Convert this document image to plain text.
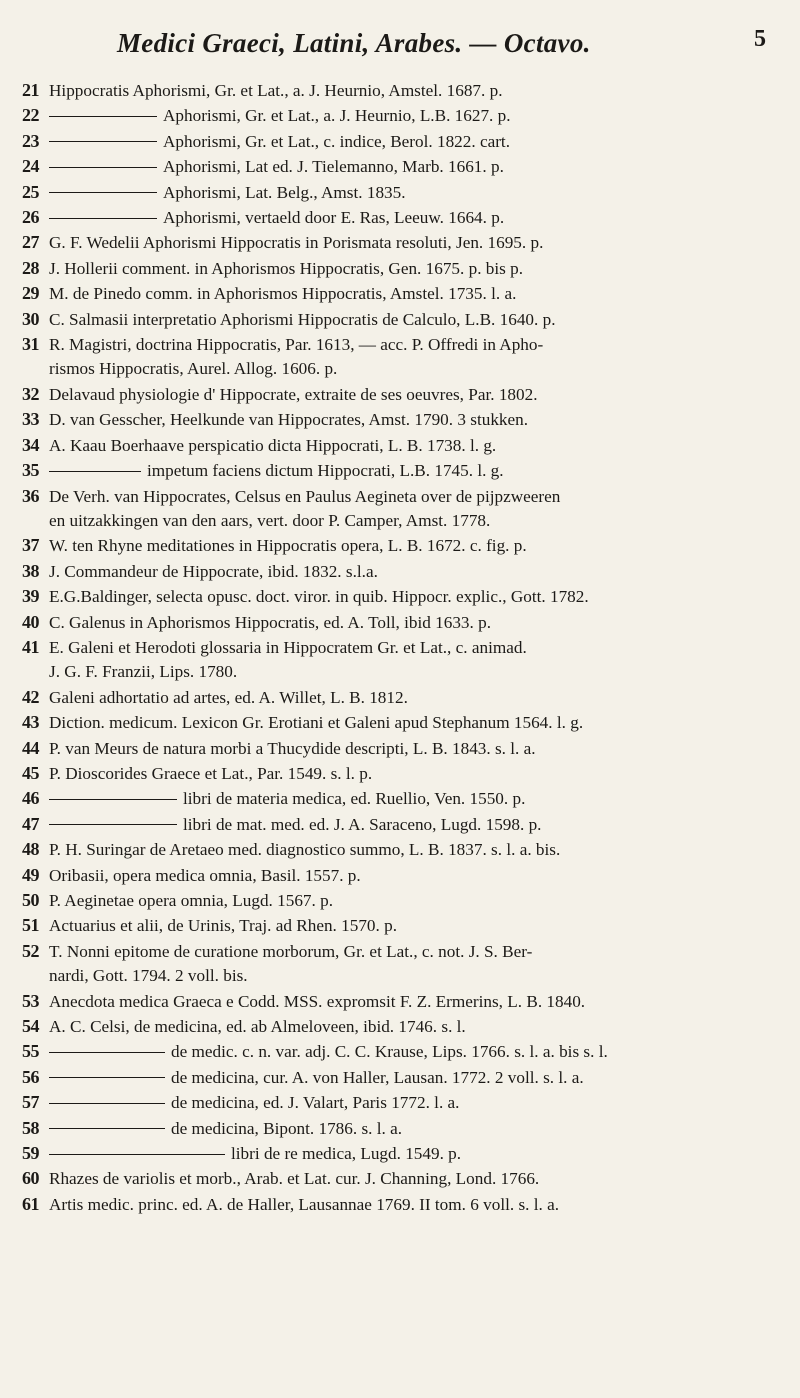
Medici Graeci, Latini, Arabes. — Octavo.	5
21 Hippocratis Aphorismi, Gr. et Lat., a. J. Heurnio, Amstel. 1687. p.
22	Aphorismi, Gr. et Lat., a. J. Heurnio, L.B. 1627. p.
23	Aphorismi, Gr. et Lat., c. indice, Berol. 1822. cart.
24	Aphorismi, Lat ed. J. Tielemanno, Marb. 1661. p.
25	Aphorismi, Lat. Belg., Amst. 1835.
26	Aphorismi, vertaeld door E. Ras, Leeuw. 1664. p.
27 G. F. Wedelii Aphorismi Hippocratis in Porismata resoluti, Jen. 1695. p.
28 J. Hollerii comment. in Aphorismos Hippocratis, Gen. 1675. p. bis p.
29 M. de Pinedo comm. in Aphorismos Hippocratis, Amstel. 1735. l. a.
30 C. Salmasii interpretatio Aphorismi Hippocratis de Calculo, L.B. 1640. p.
31 R. Magistri, doctrina Hippocratis, Par. 1613, — acc. P. Offredi in Apho-
rismos Hippocratis, Aurel. Allog. 1606. p.
32 Delavaud physiologie d' Hippocrate, extraite de ses oeuvres, Par. 1802.
33 D. van Gesscher, Heelkunde van Hippocrates, Amst. 1790. 3 stukken.
34 A. Kaau Boerhaave perspicatio dicta Hippocrati, L. B. 1738. l. g.
35	impetum faciens dictum Hippocrati, L.B. 1745. l. g.
36 De Verh. van Hippocrates, Celsus en Paulus Aegineta over de pijpzweeren
en uitzakkingen van den aars, vert. door P. Camper, Amst. 1778.
37 W. ten Rhyne meditationes in Hippocratis opera, L. B. 1672. c. fig. p.
38 J. Commandeur de Hippocrate, ibid. 1832. s.l.a.
39 E.G.Baldinger, selecta opusc. doct. viror. in quib. Hippocr. explic., Gott. 1782.
40 C. Galenus in Aphorismos Hippocratis, ed. A. Toll, ibid 1633. p.
41 E. Galeni et Herodoti glossaria in Hippocratem Gr. et Lat., c. animad.
J. G. F. Franzii, Lips. 1780.
42 Galeni adhortatio ad artes, ed. A. Willet, L. B. 1812.
43 Diction. medicum. Lexicon Gr. Erotiani et Galeni apud Stephanum 1564. l. g.
44 P. van Meurs de natura morbi a Thucydide descripti, L. B. 1843. s. l. a.
45 P. Dioscorides Graece et Lat., Par. 1549. s. l. p.
46	libri de materia medica, ed. Ruellio, Ven. 1550. p.
47	libri de mat. med. ed. J. A. Saraceno, Lugd. 1598. p.
48 P. H. Suringar de Aretaeo med. diagnostico summo, L. B. 1837. s. l. a. bis.
49 Oribasii, opera medica omnia, Basil. 1557. p.
50 P. Aeginetae opera omnia, Lugd. 1567. p.
51 Actuarius et alii, de Urinis, Traj. ad Rhen. 1570. p.
52 T. Nonni epitome de curatione morborum, Gr. et Lat., c. not. J. S. Ber-
nardi, Gott. 1794. 2 voll. bis.
53 Anecdota medica Graeca e Codd. MSS. expromsit F. Z. Ermerins, L. B. 1840.
54 A. C. Celsi, de medicina, ed. ab Almeloveen, ibid. 1746. s. l.
55	de medic. c. n. var. adj. C. C. Krause, Lips. 1766. s. l. a. bis s. l.
56	de medicina, cur. A. von Haller, Lausan. 1772. 2 voll. s. l. a.
57	de medicina, ed. J. Valart, Paris 1772. l. a.
58	de medicina, Bipont. 1786. s. l. a.
59	libri de re medica, Lugd. 1549. p.
60 Rhazes de variolis et morb., Arab. et Lat. cur. J. Channing, Lond. 1766.
61 Artis medic. princ. ed. A. de Haller, Lausannae 1769. II tom. 6 voll. s. l. a.
